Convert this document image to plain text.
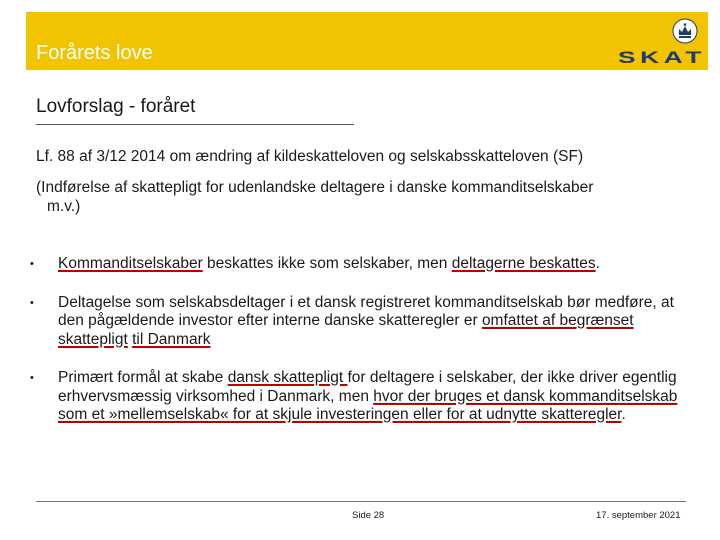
Forårets love	SKAT
Lovforslag - foråret
Lf. 88 af 3/12 2014 om ændring af kildeskatteloven og selskabsskatteloven (SF)
(Indførelse af skattepligt for udenlandske deltagere i danske kommanditselskaber
m.v.)
• Kommanditselskaber beskattes ikke som selskaber, men deltagerne beskattes.
• Deltagelse som selskabsdeltager i et dansk registreret kommanditselskab bør medføre, at den pågældende investor efter interne danske skatteregler er omfattet af begrænset skattepligt til Danmark
• Primært formål at skabe dansk skattepligt for deltagere i selskaber, der ikke driver egentlig erhvervsmæssig virksomhed i Danmark, men hvor der bruges et dansk kommanditselskab som et »mellemselskab« for at skjule investeringen eller for at udnytte skatteregler.
Side 28	17. september 2021
